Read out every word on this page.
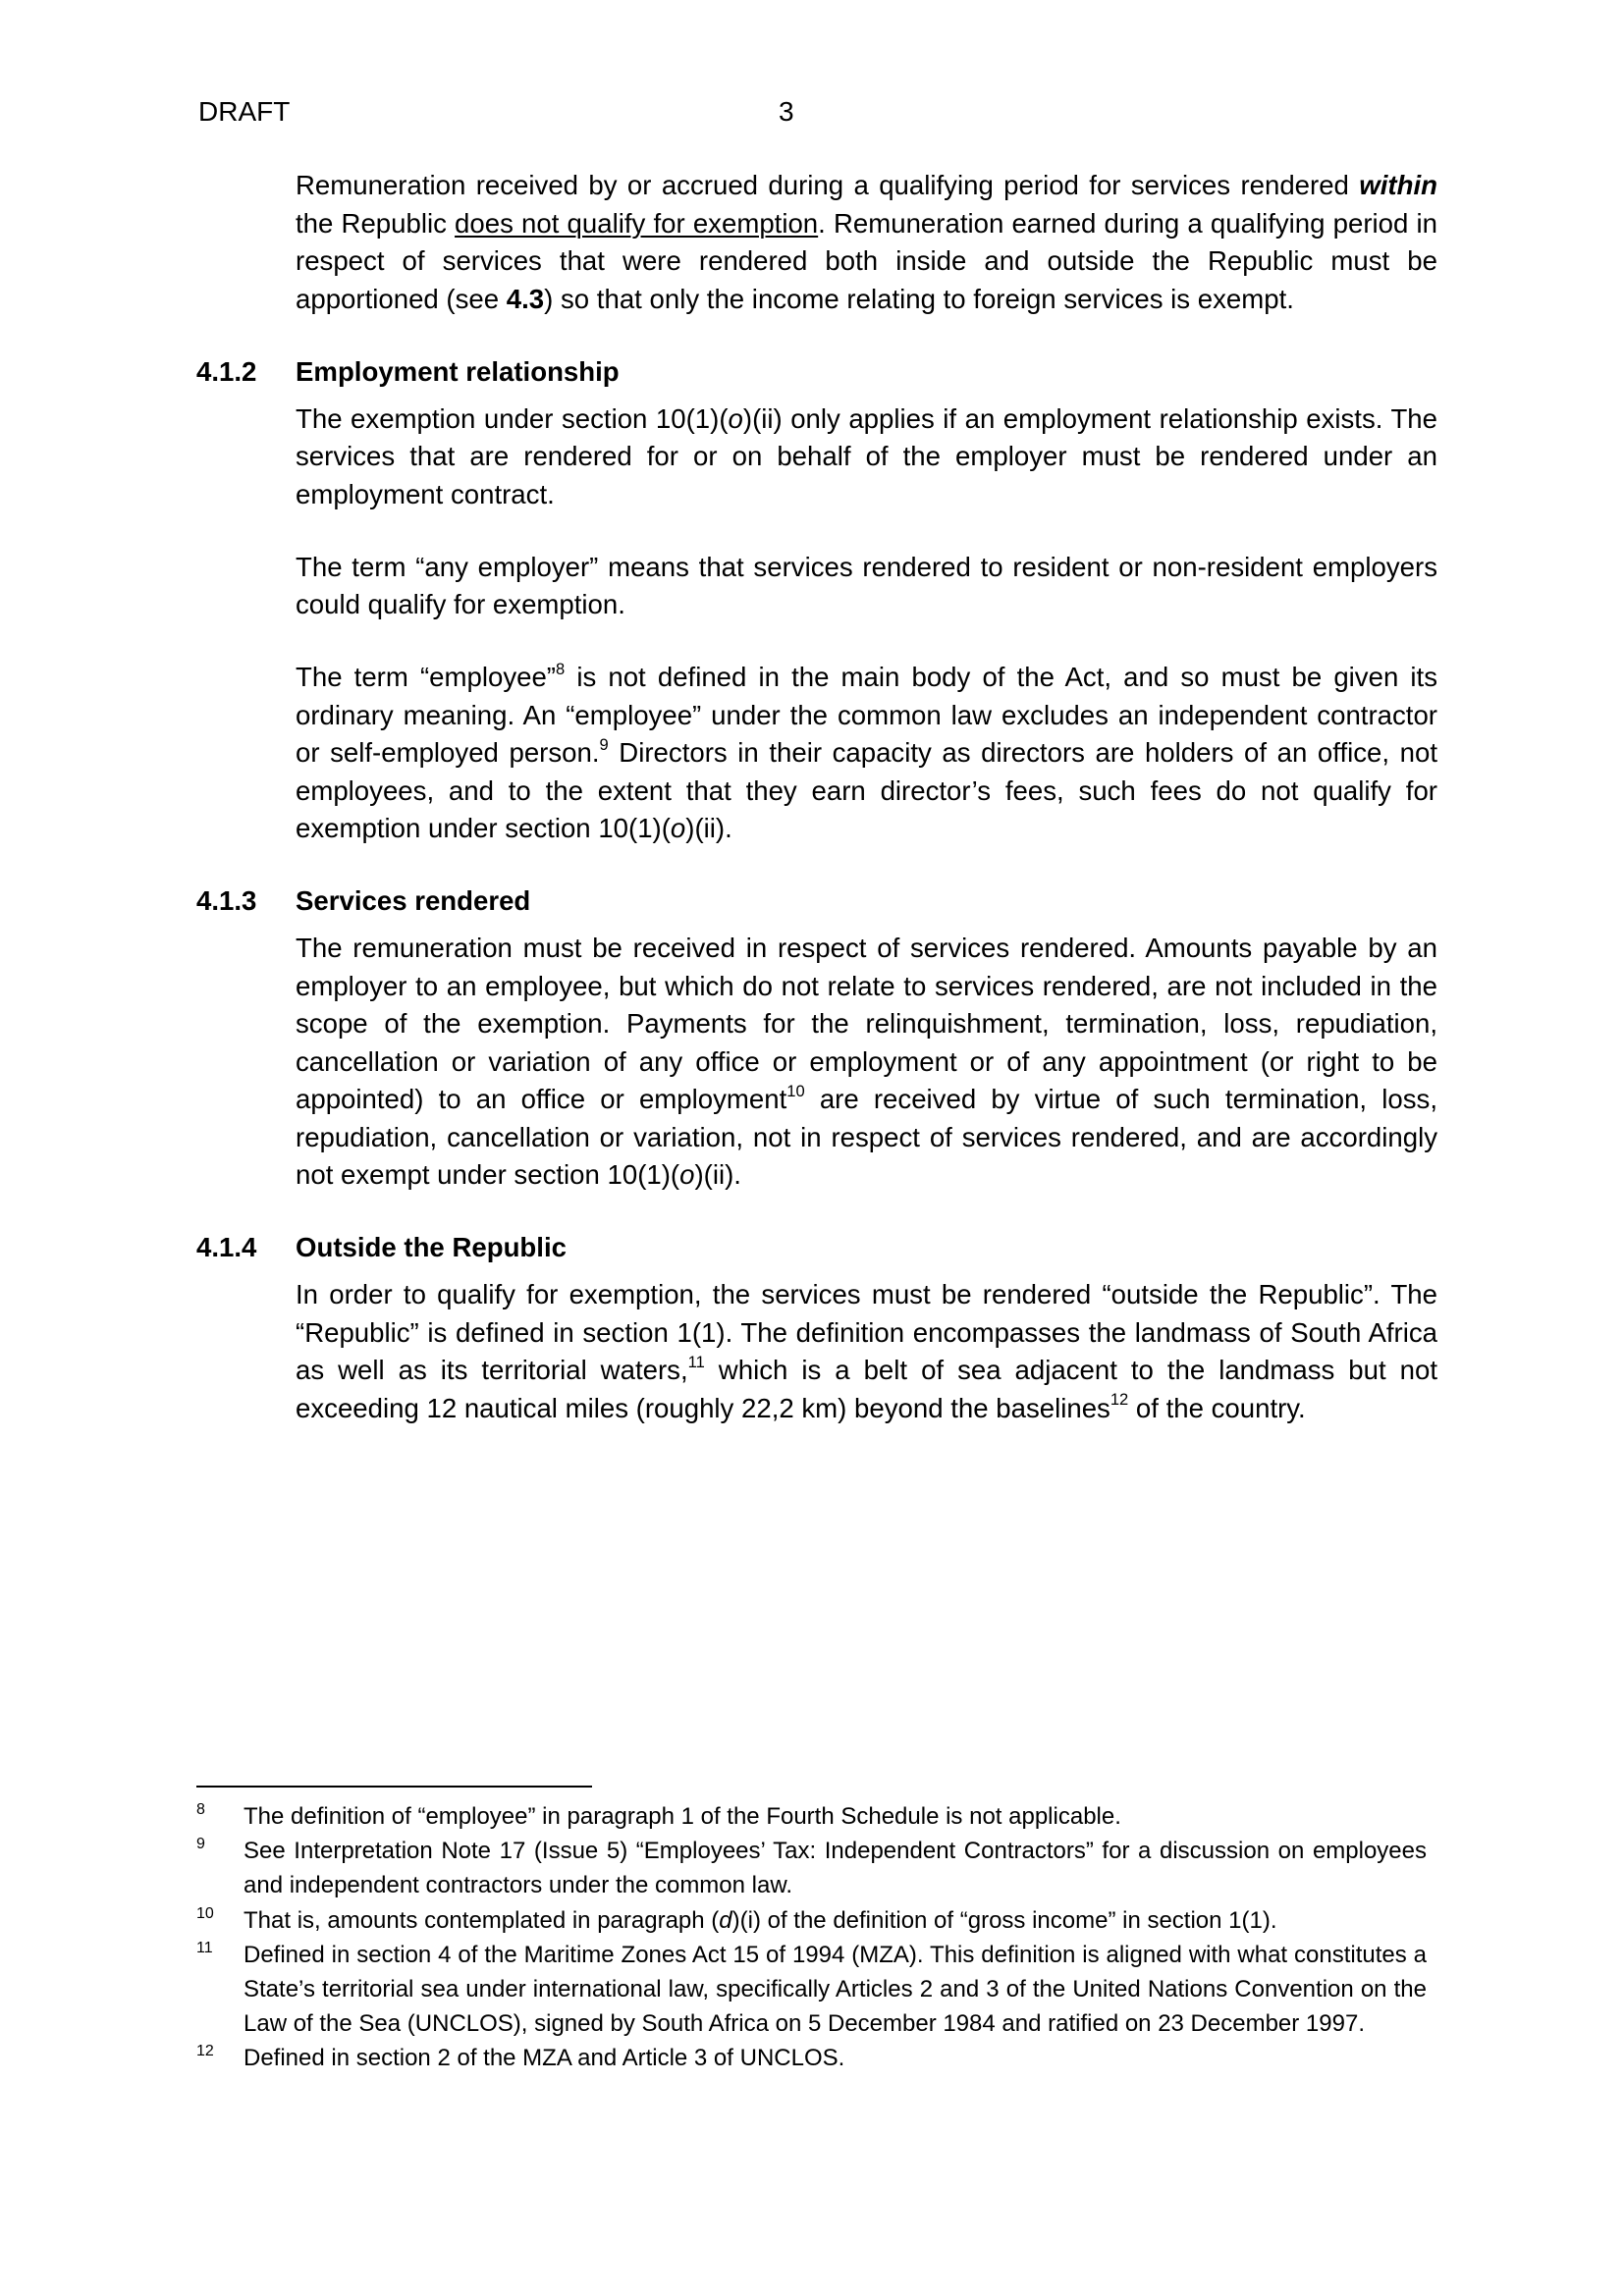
DRAFT	3

Remuneration received by or accrued during a qualifying period for services rendered within the Republic does not qualify for exemption. Remuneration earned during a qualifying period in respect of services that were rendered both inside and outside the Republic must be apportioned (see 4.3) so that only the income relating to foreign services is exempt.

4.1.2	Employment relationship

The exemption under section 10(1)(o)(ii) only applies if an employment relationship exists. The services that are rendered for or on behalf of the employer must be rendered under an employment contract.

The term “any employer” means that services rendered to resident or non-resident employers could qualify for exemption.

The term “employee”$^8$ is not defined in the main body of the Act, and so must be given its ordinary meaning. An “employee” under the common law excludes an independent contractor or self-employed person.$^9$ Directors in their capacity as directors are holders of an office, not employees, and to the extent that they earn director’s fees, such fees do not qualify for exemption under section 10(1)(o)(ii).

4.1.3	Services rendered

The remuneration must be received in respect of services rendered. Amounts payable by an employer to an employee, but which do not relate to services rendered, are not included in the scope of the exemption. Payments for the relinquishment, termination, loss, repudiation, cancellation or variation of any office or employment or of any appointment (or right to be appointed) to an office or employment$^{10}$ are received by virtue of such termination, loss, repudiation, cancellation or variation, not in respect of services rendered, and are accordingly not exempt under section 10(1)(o)(ii).

4.1.4	Outside the Republic

In order to qualify for exemption, the services must be rendered “outside the Republic”. The “Republic” is defined in section 1(1). The definition encompasses the landmass of South Africa as well as its territorial waters,$^{11}$ which is a belt of sea adjacent to the landmass but not exceeding 12 nautical miles (roughly 22,2 km) beyond the baselines$^{12}$ of the country.

8	The definition of “employee” in paragraph 1 of the Fourth Schedule is not applicable.
9	See Interpretation Note 17 (Issue 5) “Employees’ Tax: Independent Contractors” for a discussion on employees and independent contractors under the common law.
10	That is, amounts contemplated in paragraph (d)(i) of the definition of “gross income” in section 1(1).
11	Defined in section 4 of the Maritime Zones Act 15 of 1994 (MZA). This definition is aligned with what constitutes a State’s territorial sea under international law, specifically Articles 2 and 3 of the United Nations Convention on the Law of the Sea (UNCLOS), signed by South Africa on 5 December 1984 and ratified on 23 December 1997.
12	Defined in section 2 of the MZA and Article 3 of UNCLOS.
